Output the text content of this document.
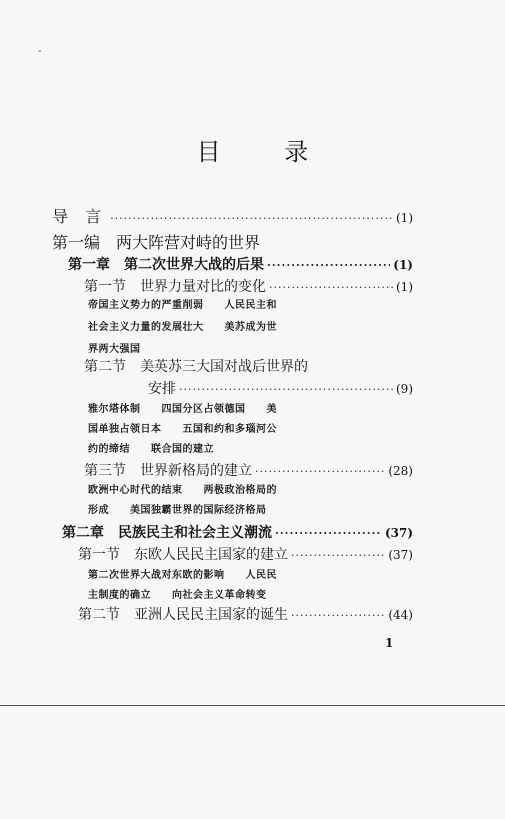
-
目 录
导 言 ·····	(1)
第一编　两大阵营对峙的世界
第一章　第二次世界大战的后果 ·····	(1)
第一节　世界力量对比的变化 ·····	(1)
帝国主义势力的严重削弱　　人民民主和
社会主义力量的发展壮大　　美苏成为世
界两大强国
第二节　美英苏三大国对战后世界的
安排 ·····	(9)
雅尔塔体制　　四国分区占领德国　　美
国单独占领日本　　五国和约和多瑙河公
约的缔结　　联合国的建立
第三节　世界新格局的建立 ·····	(28)
欧洲中心时代的结束　　两极政治格局的
形成　　美国独霸世界的国际经济格局
第二章　民族民主和社会主义潮流 ·····	(37)
第一节　东欧人民民主国家的建立 ·····	(37)
第二次世界大战对东欧的影响　　人民民
主制度的确立　　向社会主义革命转变
第二节　亚洲人民民主国家的诞生 ·····	(44)
1
